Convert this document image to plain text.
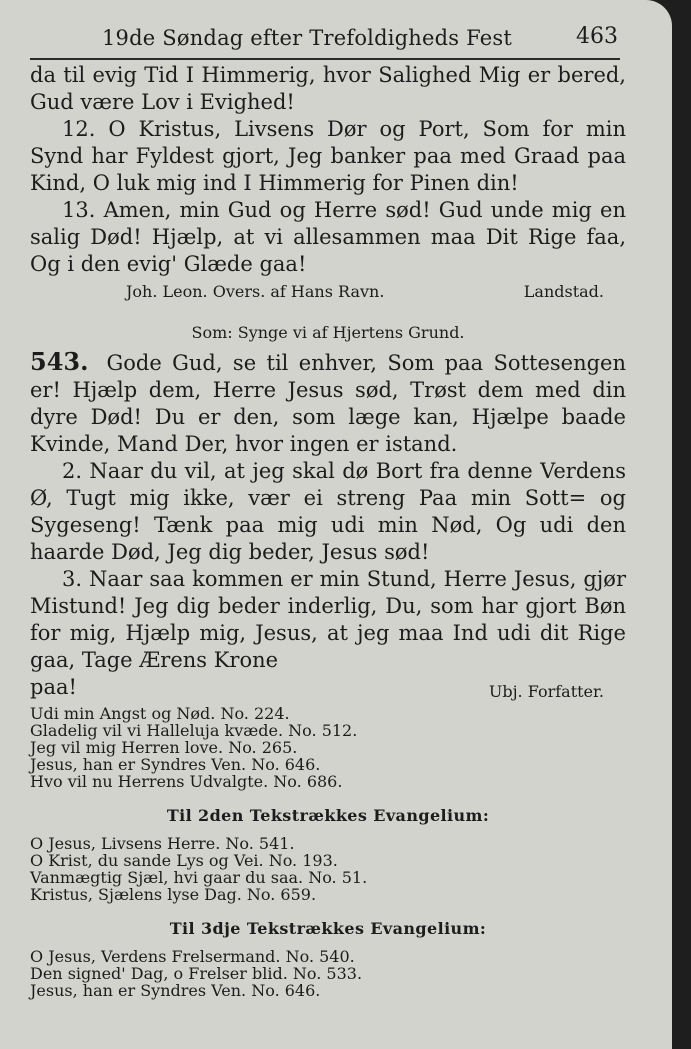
19de Søndag efter Trefoldigheds Fest	463

da til evig Tid I Himmerig, hvor Salighed Mig er bered, Gud være Lov i Evighed!

12. O Kristus, Livsens Dør og Port, Som for min Synd har Fyldest gjort, Jeg banker paa med Graad paa Kind, O luk mig ind I Himmerig for Pinen din!

13. Amen, min Gud og Herre sød! Gud unde mig en salig Død! Hjælp, at vi allesammen maa Dit Rige faa, Og i den evig' Glæde gaa!

Joh. Leon. Overs. af Hans Ravn.	Landstad.
Som: Synge vi af Hjertens Grund.

543. Gode Gud, se til enhver, Som paa Sottesengen er! Hjælp dem, Herre Jesus sød, Trøst dem med din dyre Død! Du er den, som læge kan, Hjælpe baade Kvinde, Mand Der, hvor ingen er istand.

2. Naar du vil, at jeg skal dø Bort fra denne Verdens Ø, Tugt mig ikke, vær ei streng Paa min Sott= og Sygeseng! Tænk paa mig udi min Nød, Og udi den haarde Død, Jeg dig beder, Jesus sød!

3. Naar saa kommen er min Stund, Herre Jesus, gjør Mistund! Jeg dig beder inderlig, Du, som har gjort Bøn for mig, Hjælp mig, Jesus, at jeg maa Ind udi dit Rige gaa, Tage Ærens Krone

paa!	Ubj. Forfatter.
Udi min Angst og Nød. No. 224.
Gladelig vil vi Halleluja kvæde. No. 512.
Jeg vil mig Herren love. No. 265.
Jesus, han er Syndres Ven. No. 646.
Hvo vil nu Herrens Udvalgte. No. 686.
Til 2den Tekstrækkes Evangelium:
O Jesus, Livsens Herre. No. 541.
O Krist, du sande Lys og Vei. No. 193.
Vanmægtig Sjæl, hvi gaar du saa. No. 51.
Kristus, Sjælens lyse Dag. No. 659.
Til 3dje Tekstrækkes Evangelium:
O Jesus, Verdens Frelsermand. No. 540.
Den signed' Dag, o Frelser blid. No. 533.
Jesus, han er Syndres Ven. No. 646.
